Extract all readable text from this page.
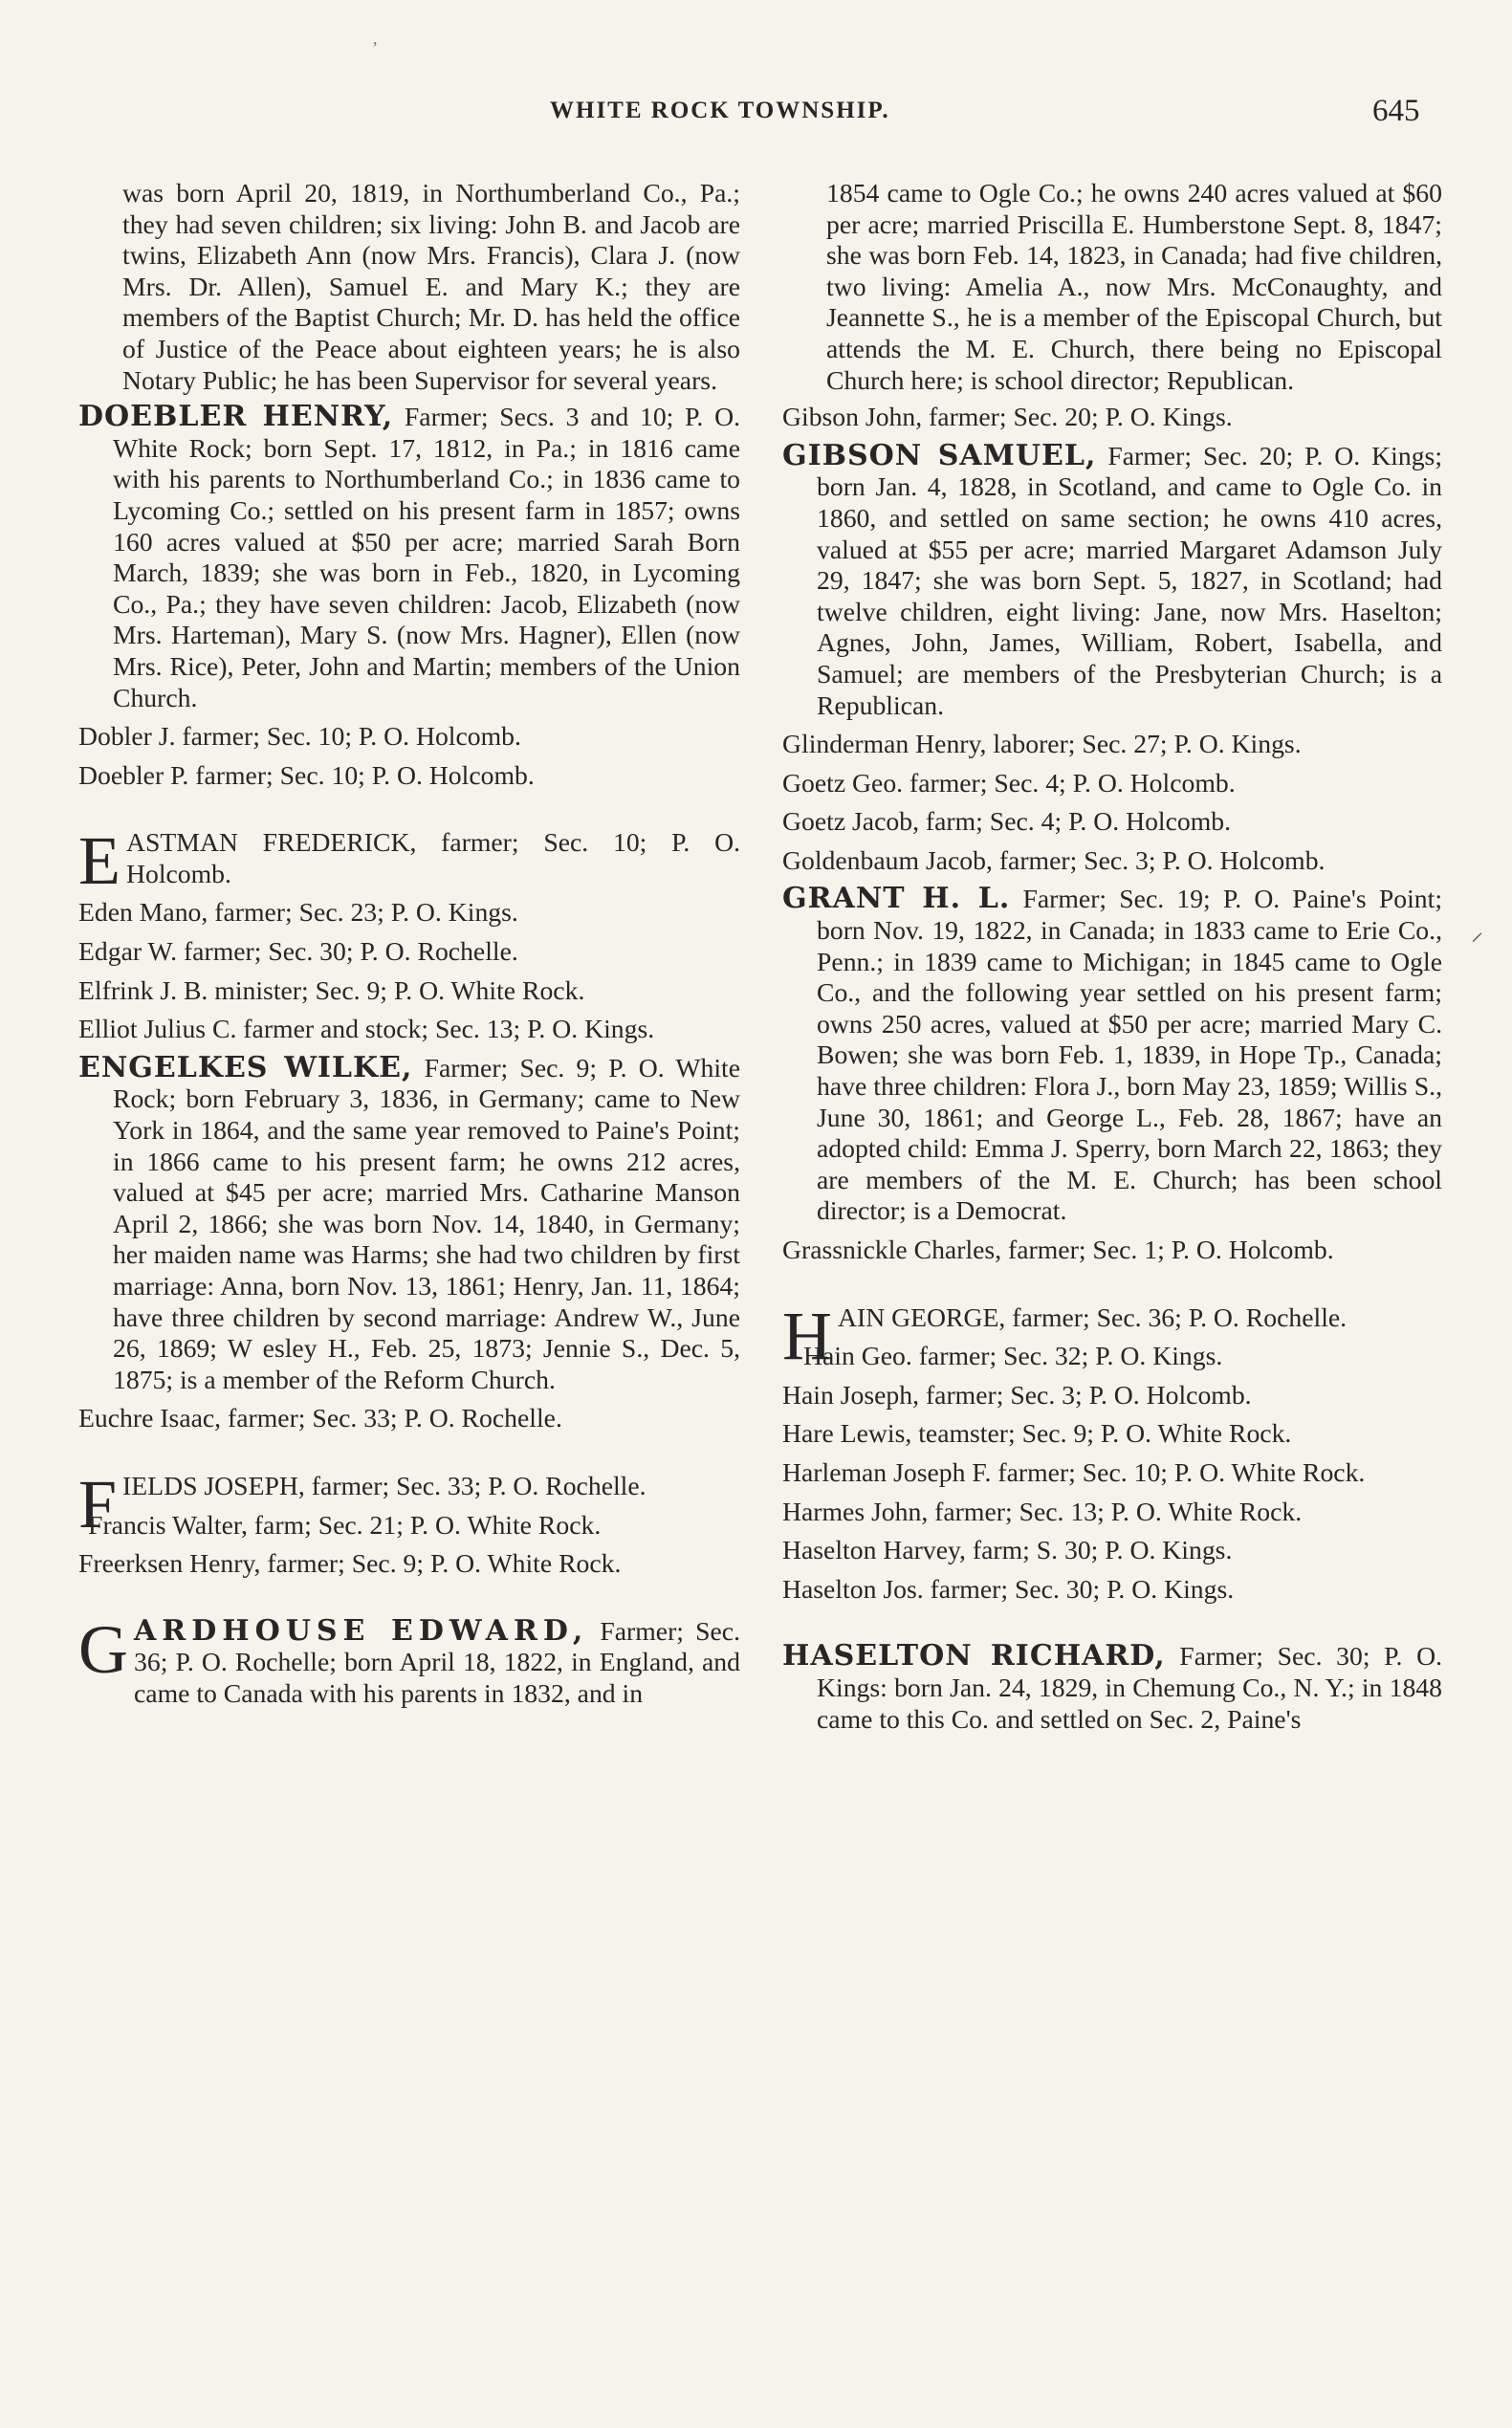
,
WHITE ROCK TOWNSHIP.	645

was born April 20, 1819, in Northumberland Co., Pa.; they had seven children; six living: John B. and Jacob are twins, Elizabeth Ann (now Mrs. Francis), Clara J. (now Mrs. Dr. Allen), Samuel E. and Mary K.; they are members of the Baptist Church; Mr. D. has held the office of Justice of the Peace about eighteen years; he is also Notary Public; he has been Supervisor for several years.

DOEBLER HENRY, Farmer; Secs. 3 and 10; P. O. White Rock; born Sept. 17, 1812, in Pa.; in 1816 came with his parents to Northumberland Co.; in 1836 came to Lycoming Co.; settled on his present farm in 1857; owns 160 acres valued at $50 per acre; married Sarah Born March, 1839; she was born in Feb., 1820, in Lycoming Co., Pa.; they have seven children: Jacob, Elizabeth (now Mrs. Harteman), Mary S. (now Mrs. Hagner), Ellen (now Mrs. Rice), Peter, John and Martin; members of the Union Church.

Dobler J. farmer; Sec. 10; P. O. Holcomb.

Doebler P. farmer; Sec. 10; P. O. Holcomb.

EASTMAN FREDERICK, farmer; Sec. 10; P. O. Holcomb.

Eden Mano, farmer; Sec. 23; P. O. Kings.

Edgar W. farmer; Sec. 30; P. O. Rochelle.

Elfrink J. B. minister; Sec. 9; P. O. White Rock.

Elliot Julius C. farmer and stock; Sec. 13; P. O. Kings.

ENGELKES WILKE, Farmer; Sec. 9; P. O. White Rock; born February 3, 1836, in Germany; came to New York in 1864, and the same year removed to Paine's Point; in 1866 came to his present farm; he owns 212 acres, valued at $45 per acre; married Mrs. Catharine Manson April 2, 1866; she was born Nov. 14, 1840, in Germany; her maiden name was Harms; she had two children by first marriage: Anna, born Nov. 13, 1861; Henry, Jan. 11, 1864; have three children by second marriage: Andrew W., June 26, 1869; W esley H., Feb. 25, 1873; Jennie S., Dec. 5, 1875; is a member of the Reform Church.

Euchre Isaac, farmer; Sec. 33; P. O. Rochelle.

FIELDS JOSEPH, farmer; Sec. 33; P. O. Rochelle.

Francis Walter, farm; Sec. 21; P. O. White Rock.

Freerksen Henry, farmer; Sec. 9; P. O. White Rock.

GARDHOUSE EDWARD, Farmer; Sec. 36; P. O. Rochelle; born April 18, 1822, in England, and came to Canada with his parents in 1832, and in

1854 came to Ogle Co.; he owns 240 acres valued at $60 per acre; married Priscilla E. Humberstone Sept. 8, 1847; she was born Feb. 14, 1823, in Canada; had five children, two living: Amelia A., now Mrs. McConaughty, and Jeannette S., he is a member of the Episcopal Church, but attends the M. E. Church, there being no Episcopal Church here; is school director; Republican.

Gibson John, farmer; Sec. 20; P. O. Kings.

GIBSON SAMUEL, Farmer; Sec. 20; P. O. Kings; born Jan. 4, 1828, in Scotland, and came to Ogle Co. in 1860, and settled on same section; he owns 410 acres, valued at $55 per acre; married Margaret Adamson July 29, 1847; she was born Sept. 5, 1827, in Scotland; had twelve children, eight living: Jane, now Mrs. Haselton; Agnes, John, James, William, Robert, Isabella, and Samuel; are members of the Presbyterian Church; is a Republican.

Glinderman Henry, laborer; Sec. 27; P. O. Kings.

Goetz Geo. farmer; Sec. 4; P. O. Holcomb.

Goetz Jacob, farm; Sec. 4; P. O. Holcomb.

Goldenbaum Jacob, farmer; Sec. 3; P. O. Holcomb.

GRANT H. L. Farmer; Sec. 19; P. O. Paine's Point; born Nov. 19, 1822, in Canada; in 1833 came to Erie Co., Penn.; in 1839 came to Michigan; in 1845 came to Ogle Co., and the following year settled on his present farm; owns 250 acres, valued at $50 per acre; married Mary C. Bowen; she was born Feb. 1, 1839, in Hope Tp., Canada; have three children: Flora J., born May 23, 1859; Willis S., June 30, 1861; and George L., Feb. 28, 1867; have an adopted child: Emma J. Sperry, born March 22, 1863; they are members of the M. E. Church; has been school director; is a Democrat.

Grassnickle Charles, farmer; Sec. 1; P. O. Holcomb.

HAIN GEORGE, farmer; Sec. 36; P. O. Rochelle.

Hain Geo. farmer; Sec. 32; P. O. Kings.

Hain Joseph, farmer; Sec. 3; P. O. Holcomb.

Hare Lewis, teamster; Sec. 9; P. O. White Rock.

Harleman Joseph F. farmer; Sec. 10; P. O. White Rock.

Harmes John, farmer; Sec. 13; P. O. White Rock.

Haselton Harvey, farm; S. 30; P. O. Kings.

Haselton Jos. farmer; Sec. 30; P. O. Kings.

HASELTON RICHARD, Farmer; Sec. 30; P. O. Kings: born Jan. 24, 1829, in Chemung Co., N. Y.; in 1848 came to this Co. and settled on Sec. 2, Paine's

⸝
